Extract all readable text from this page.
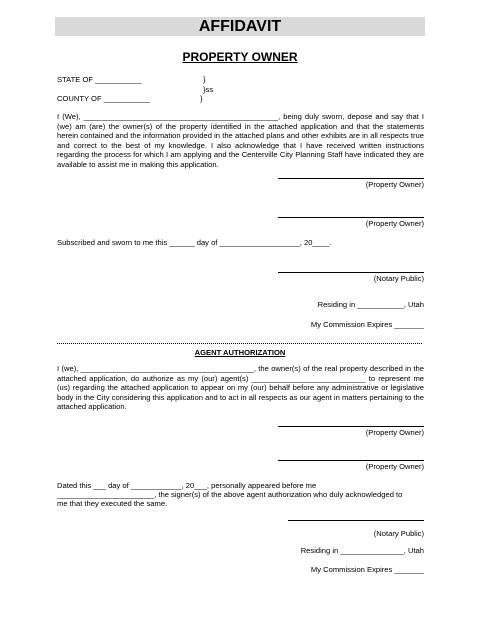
AFFIDAVIT
PROPERTY OWNER
STATE OF ___________	}
}ss
COUNTY OF ___________	}
I (We), ______________________________________________, being duly sworn, depose and say that I (we) am (are) the owner(s) of the property identified in the attached application and that the statements herein contained and the information provided in the attached plans and other exhibits are in all respects true and correct to the best of my knowledge. I also acknowledge that I have received written instructions regarding the process for which I am applying and the Centerville City Planning Staff have indicated they are available to assist me in making this application.
(Property Owner)
(Property Owner)
Subscribed and sworn to me this ______ day of ___________________, 20____.
(Notary Public)
Residing in ___________, Utah
My Commission Expires _______
AGENT AUTHORIZATION
I (we), _________________________________________, the owner(s) of the real property described in the attached application, do authorize as my (our) agent(s) ___________________________ to represent me (us) regarding the attached application to appear on my (our) behalf before any administrative or legislative body in the City considering this application and to act in all respects as our agent in matters pertaining to the attached application.
(Property Owner)
(Property Owner)
Dated this ___ day of ____________, 20___, personally appeared before me
_______________________, the signer(s) of the above agent authorization who duly acknowledged to
me that they executed the same.
(Notary Public)
Residing in _______________, Utah
My Commission Expires _______
